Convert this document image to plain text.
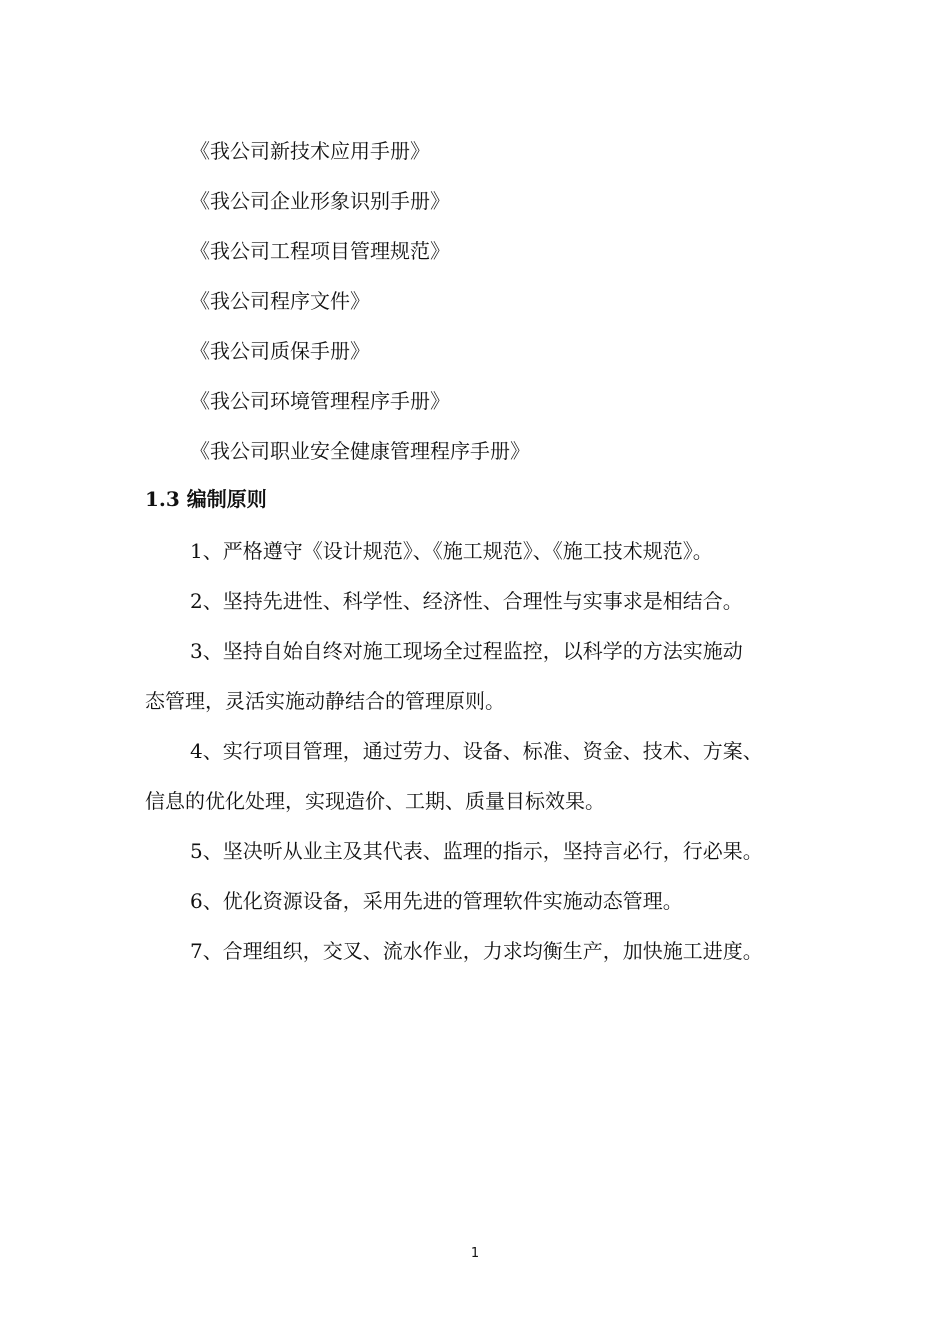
《我公司新技术应用手册》
《我公司企业形象识别手册》
《我公司工程项目管理规范》
《我公司程序文件》
《我公司质保手册》
《我公司环境管理程序手册》
《我公司职业安全健康管理程序手册》
1.3 编制原则
1、严格遵守《设计规范》、《施工规范》、《施工技术规范》。
2、坚持先进性、科学性、经济性、合理性与实事求是相结合。
3、坚持自始自终对施工现场全过程监控，以科学的方法实施动
态管理，灵活实施动静结合的管理原则。
4、实行项目管理，通过劳力、设备、标准、资金、技术、方案、
信息的优化处理，实现造价、工期、质量目标效果。
5、坚决听从业主及其代表、监理的指示，坚持言必行，行必果。
6、优化资源设备，采用先进的管理软件实施动态管理。
7、合理组织，交叉、流水作业，力求均衡生产，加快施工进度。
1
